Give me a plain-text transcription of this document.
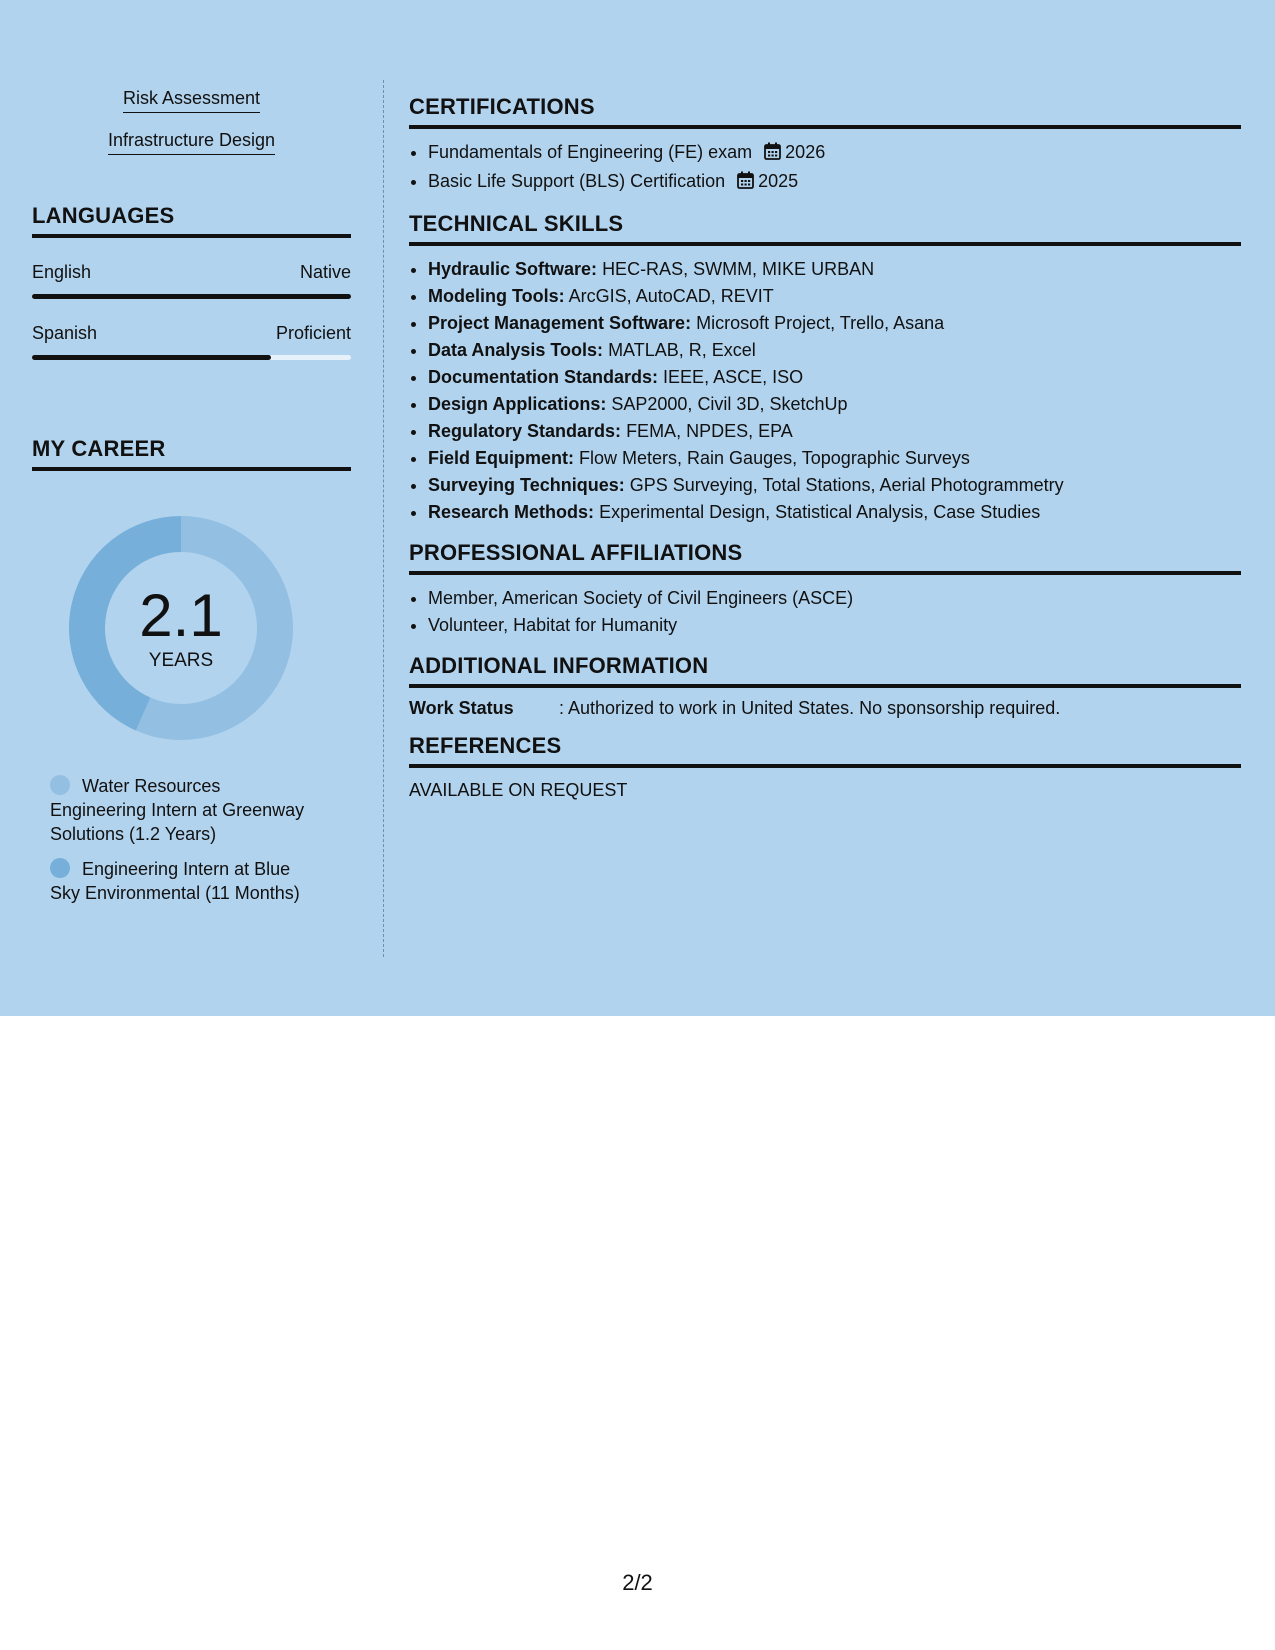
Risk Assessment
Infrastructure Design
LANGUAGES
English	Native
Spanish	Proficient
MY CAREER
2.1
YEARS
Water Resources Engineering Intern at Greenway Solutions (1.2 Years)
Engineering Intern at Blue Sky Environmental (11 Months)
CERTIFICATIONS
• Fundamentals of Engineering (FE) exam 2026
• Basic Life Support (BLS) Certification 2025
TECHNICAL SKILLS
• Hydraulic Software: HEC-RAS, SWMM, MIKE URBAN
• Modeling Tools: ArcGIS, AutoCAD, REVIT
• Project Management Software: Microsoft Project, Trello, Asana
• Data Analysis Tools: MATLAB, R, Excel
• Documentation Standards: IEEE, ASCE, ISO
• Design Applications: SAP2000, Civil 3D, SketchUp
• Regulatory Standards: FEMA, NPDES, EPA
• Field Equipment: Flow Meters, Rain Gauges, Topographic Surveys
• Surveying Techniques: GPS Surveying, Total Stations, Aerial Photogrammetry
• Research Methods: Experimental Design, Statistical Analysis, Case Studies
PROFESSIONAL AFFILIATIONS
• Member, American Society of Civil Engineers (ASCE)
• Volunteer, Habitat for Humanity
ADDITIONAL INFORMATION
Work Status	: Authorized to work in United States. No sponsorship required.
REFERENCES
AVAILABLE ON REQUEST
2/2
